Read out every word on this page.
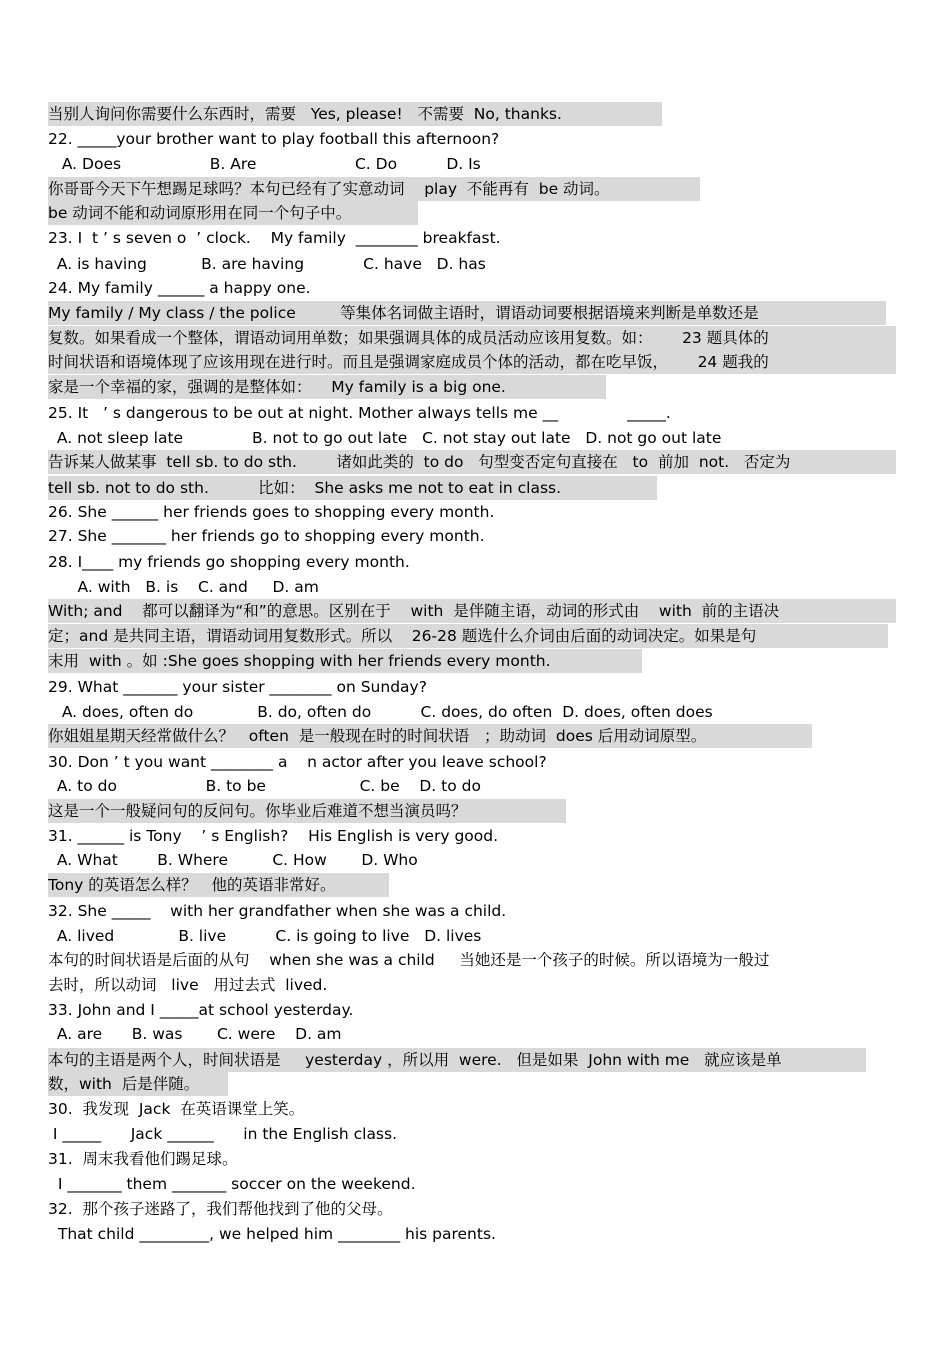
当别人询问你需要什么东西时，需要   Yes, please!   不需要  No, thanks.
22. _____your brother want to play football this afternoon?
A. Does                  B. Are                    C. Do          D. Is
你哥哥今天下午想踢足球吗？本句已经有了实意动词    play  不能再有  be 动词。
be 动词不能和动词原形用在同一个句子中。
23. I  t ’ s seven o  ’ clock.    My family  ________ breakfast.
A. is having           B. are having            C. have   D. has
24. My family ______ a happy one.
My family / My class / the police         等集体名词做主语时，谓语动词要根据语境来判断是单数还是
复数。如果看成一个整体，谓语动词用单数；如果强调具体的成员活动应该用复数。如：      23 题具体的
时间状语和语境体现了应该用现在进行时。而且是强调家庭成员个体的活动，都在吃早饭，      24 题我的
家是一个幸福的家，强调的是整体如：    My family is a big one.
25. It   ’ s dangerous to be out at night. Mother always tells me __              _____.
A. not sleep late              B. not to go out late   C. not stay out late   D. not go out late
告诉某人做某事  tell sb. to do sth.        诸如此类的  to do   句型变否定句直接在   to  前加  not.   否定为
tell sb. not to do sth.          比如：  She asks me not to eat in class.
26. She ______ her friends goes to shopping every month.
27. She _______ her friends go to shopping every month.
28. I____ my friends go shopping every month.
A. with   B. is    C. and     D. am
With; and    都可以翻译为“和”的意思。区别在于    with  是伴随主语，动词的形式由    with  前的主语决
定；and 是共同主语，谓语动词用复数形式。所以    26-28 题选什么介词由后面的动词决定。如果是句
末用  with 。如 :She goes shopping with her friends every month.
29. What _______ your sister ________ on Sunday?
A. does, often do             B. do, often do          C. does, do often  D. does, often does
你姐姐星期天经常做什么？   often  是一般现在时的时间状语   ；助动词  does 后用动词原型。
30. Don ’ t you want ________ a    n actor after you leave school?
A. to do                  B. to be                   C. be    D. to do
这是一个一般疑问句的反问句。你毕业后难道不想当演员吗？
31. ______ is Tony    ’ s English?    His English is very good.
A. What        B. Where         C. How       D. Who
Tony 的英语怎么样？   他的英语非常好。
32. She _____    with her grandfather when she was a child.
A. lived             B. live          C. is going to live   D. lives
本句的时间状语是后面的从句    when she was a child     当她还是一个孩子的时候。所以语境为一般过
去时，所以动词   live   用过去式  lived.
33. John and I _____at school yesterday.
A. are      B. was       C. were    D. am
本句的主语是两个人，时间状语是     yesterday ，所以用  were.   但是如果  John with me   就应该是单
数，with  后是伴随。
30.  我发现  Jack  在英语课堂上笑。
I _____      Jack ______      in the English class.
31.  周末我看他们踢足球。
I _______ them _______ soccer on the weekend.
32.  那个孩子迷路了，我们帮他找到了他的父母。
That child _________, we helped him ________ his parents.
